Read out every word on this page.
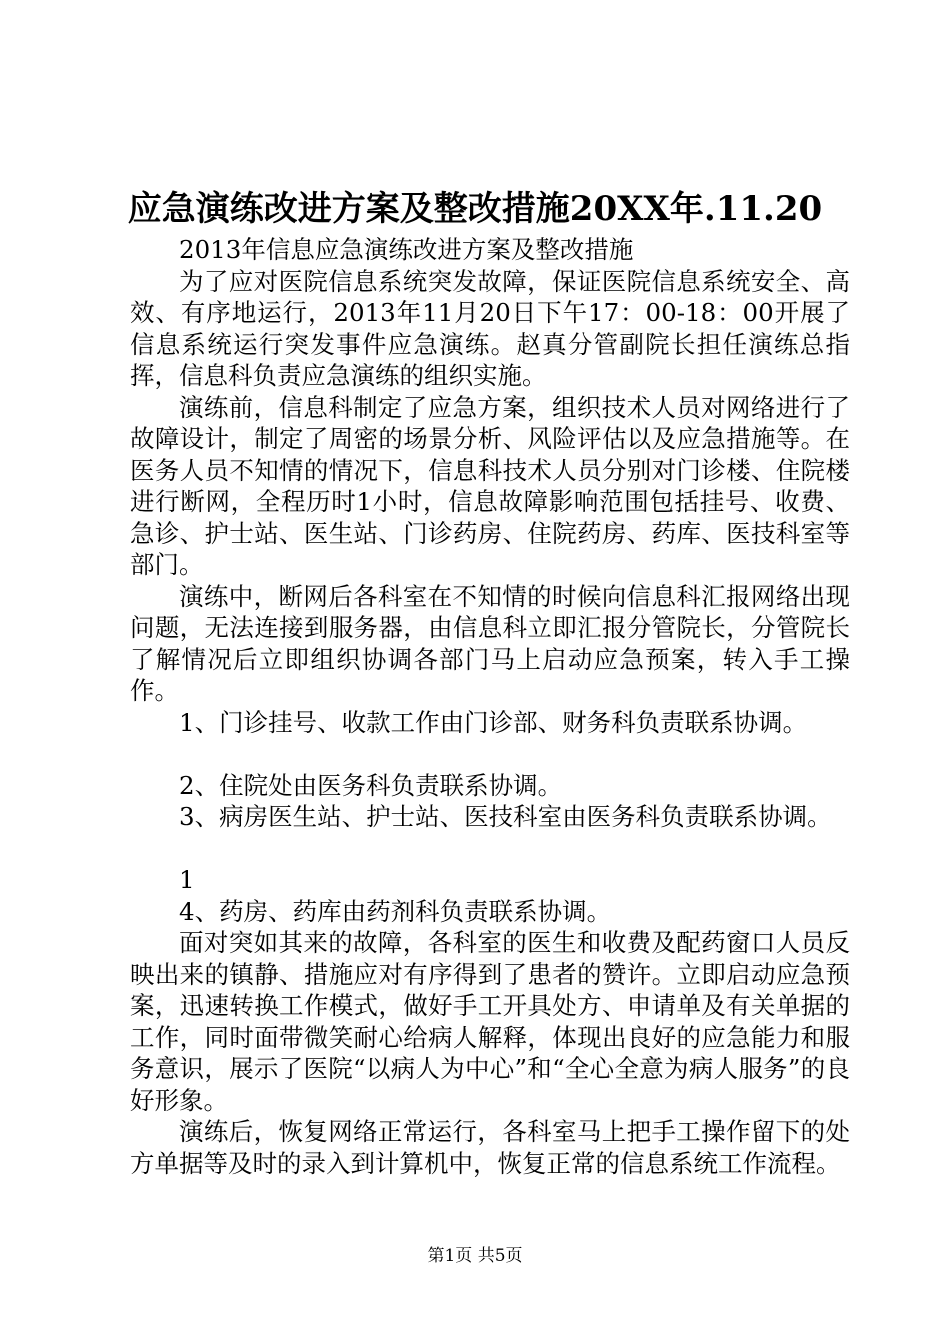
应急演练改进方案及整改措施20XX年.11.20

2013年信息应急演练改进方案及整改措施

为了应对医院信息系统突发故障，保证医院信息系统安全、高效、有序地运行，2013年11月20日下午17：00-18：00开展了信息系统运行突发事件应急演练。赵真分管副院长担任演练总指挥，信息科负责应急演练的组织实施。

演练前，信息科制定了应急方案，组织技术人员对网络进行了故障设计，制定了周密的场景分析、风险评估以及应急措施等。在医务人员不知情的情况下，信息科技术人员分别对门诊楼、住院楼进行断网，全程历时1小时，信息故障影响范围包括挂号、收费、急诊、护士站、医生站、门诊药房、住院药房、药库、医技科室等部门。

演练中，断网后各科室在不知情的时候向信息科汇报网络出现问题，无法连接到服务器，由信息科立即汇报分管院长，分管院长了解情况后立即组织协调各部门马上启动应急预案，转入手工操作。

1、门诊挂号、收款工作由门诊部、财务科负责联系协调。

2、住院处由医务科负责联系协调。

3、病房医生站、护士站、医技科室由医务科负责联系协调。

1

4、药房、药库由药剂科负责联系协调。

面对突如其来的故障，各科室的医生和收费及配药窗口人员反映出来的镇静、措施应对有序得到了患者的赞许。立即启动应急预案，迅速转换工作模式，做好手工开具处方、申请单及有关单据的工作，同时面带微笑耐心给病人解释，体现出良好的应急能力和服务意识，展示了医院“以病人为中心”和“全心全意为病人服务”的良好形象。

演练后，恢复网络正常运行，各科室马上把手工操作留下的处方单据等及时的录入到计算机中，恢复正常的信息系统工作流程。

第1页 共5页
